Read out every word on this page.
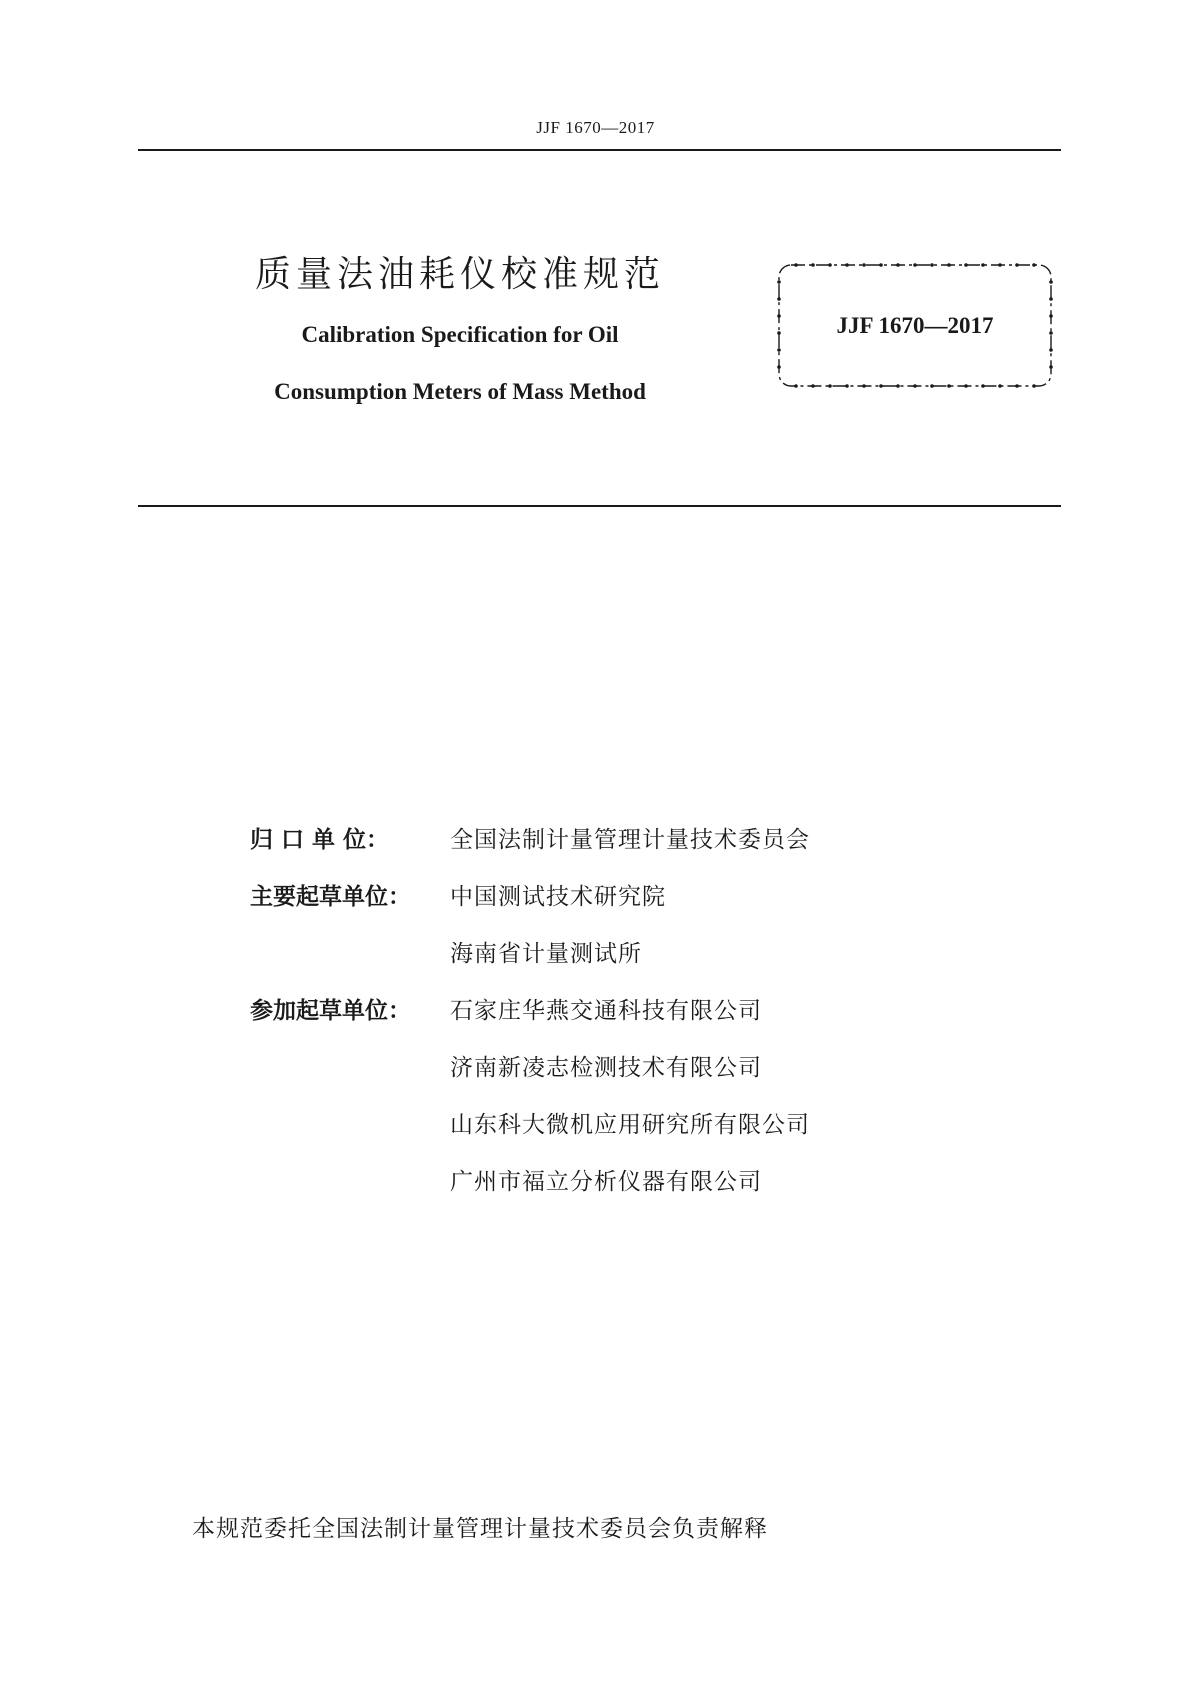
JJF 1670—2017
质量法油耗仪校准规范
Calibration Specification for Oil
Consumption Meters of Mass Method
JJF 1670—2017
归 口 单 位：	全国法制计量管理计量技术委员会
主要起草单位：	中国测试技术研究院
海南省计量测试所
参加起草单位：	石家庄华燕交通科技有限公司
济南新凌志检测技术有限公司
山东科大微机应用研究所有限公司
广州市福立分析仪器有限公司
本规范委托全国法制计量管理计量技术委员会负责解释
